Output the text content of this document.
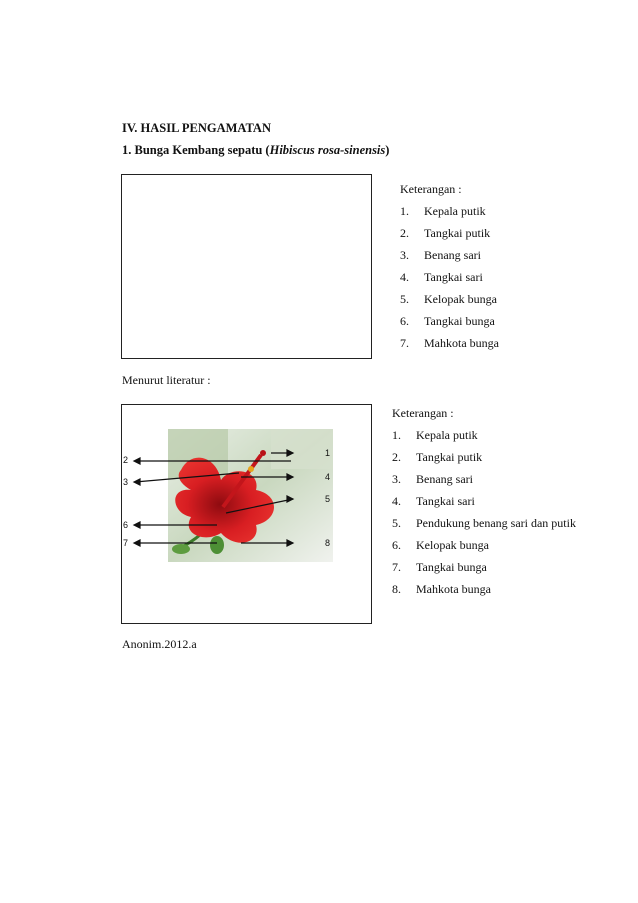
IV. HASIL PENGAMATAN
1. Bunga Kembang sepatu (Hibiscus rosa-sinensis)
Keterangan :
1.	Kepala putik
2.	Tangkai putik
3.	Benang sari
4.	Tangkai sari
5.	Kelopak bunga
6.	Tangkai bunga
7.	Mahkota bunga
Menurut literatur :
2
3
6
7
1
4
5
8
Keterangan :
1.	Kepala putik
2.	Tangkai putik
3.	Benang sari
4.	Tangkai sari
5.	Pendukung benang sari dan putik
6.	Kelopak bunga
7.	Tangkai bunga
8.	Mahkota bunga
Anonim.2012.a
